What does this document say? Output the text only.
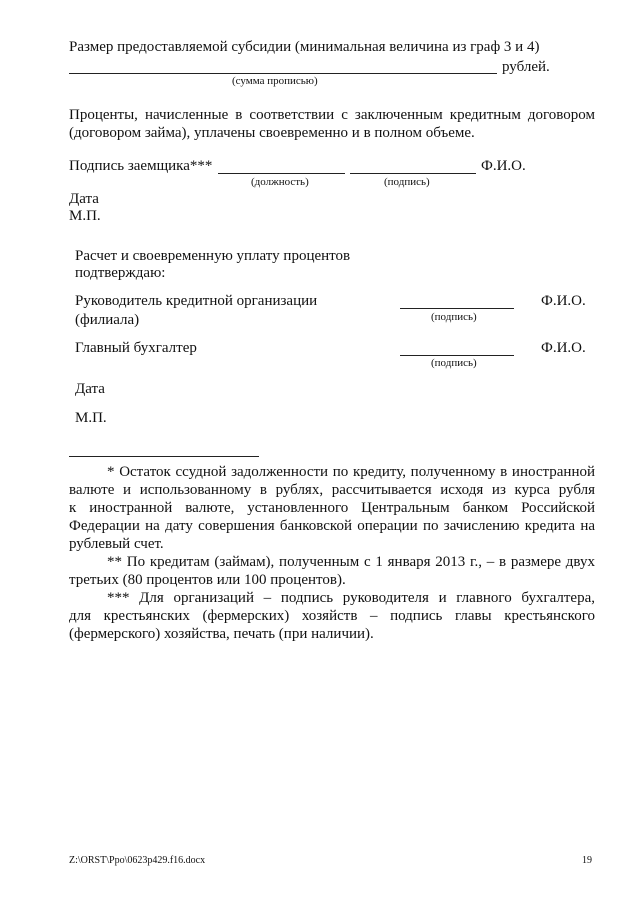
Размер предоставляемой субсидии (минимальная величина из граф 3 и 4)
рублей.
(сумма прописью)
Проценты, начисленные в соответствии с заключенным кредитным договором
(договором займа), уплачены своевременно и в полном объеме.
Подпись заемщика***	Ф.И.О.
(должность)	(подпись)
Дата
М.П.
Расчет и своевременную уплату процентов
подтверждаю:
Руководитель кредитной организации
(филиала)	(подпись)
Ф.И.О.
Главный бухгалтер
(подпись)
Ф.И.О.
Дата
М.П.
* Остаток ссудной задолженности по кредиту, полученному в иностранной
валюте и использованному в рублях, рассчитывается исходя из курса рубля
к иностранной валюте, установленного Центральным банком Российской
Федерации на дату совершения банковской операции по зачислению кредита на
рублевый счет.
** По кредитам (займам), полученным с 1 января 2013 г., – в размере двух
третьих (80 процентов или 100 процентов).
*** Для организаций – подпись руководителя и главного бухгалтера,
для крестьянских (фермерских) хозяйств – подпись главы крестьянского
(фермерского) хозяйства, печать (при наличии).
Z:\ORST\Ppo\0623p429.f16.docx	19
